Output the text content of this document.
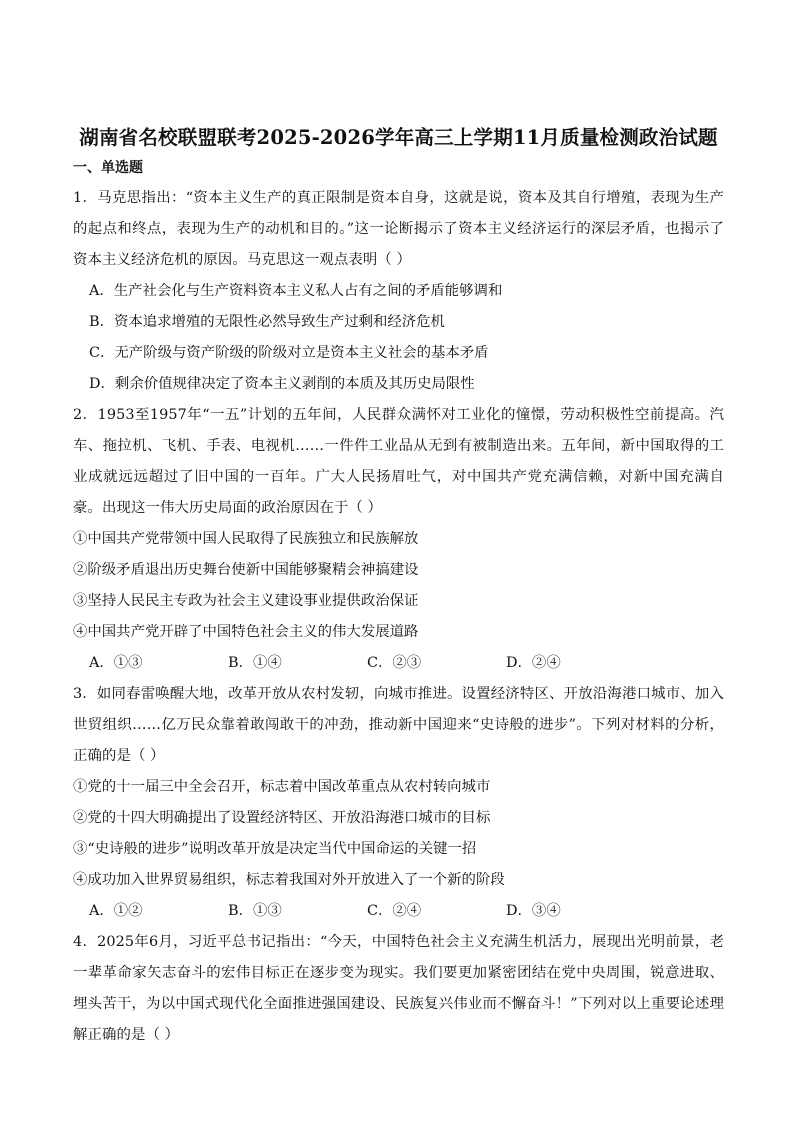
湖南省名校联盟联考2025-2026学年高三上学期11月质量检测政治试题
一、单选题

1．马克思指出：“资本主义生产的真正限制是资本自身，这就是说，资本及其自行增殖，表现为生产的起点和终点，表现为生产的动机和目的。”这一论断揭示了资本主义经济运行的深层矛盾，也揭示了资本主义经济危机的原因。马克思这一观点表明（ ）

A．生产社会化与生产资料资本主义私人占有之间的矛盾能够调和

B．资本追求增殖的无限性必然导致生产过剩和经济危机

C．无产阶级与资产阶级的阶级对立是资本主义社会的基本矛盾

D．剩余价值规律决定了资本主义剥削的本质及其历史局限性

2．1953至1957年“一五”计划的五年间，人民群众满怀对工业化的憧憬，劳动积极性空前提高。汽车、拖拉机、飞机、手表、电视机……一件件工业品从无到有被制造出来。五年间，新中国取得的工业成就远远超过了旧中国的一百年。广大人民扬眉吐气，对中国共产党充满信赖，对新中国充满自豪。出现这一伟大历史局面的政治原因在于（ ）

①中国共产党带领中国人民取得了民族独立和民族解放

②阶级矛盾退出历史舞台使新中国能够聚精会神搞建设

③坚持人民民主专政为社会主义建设事业提供政治保证

④中国共产党开辟了中国特色社会主义的伟大发展道路

A．①③	B．①④	C．②③	D．②④

3．如同春雷唤醒大地，改革开放从农村发轫，向城市推进。设置经济特区、开放沿海港口城市、加入世贸组织……亿万民众靠着敢闯敢干的冲劲，推动新中国迎来“史诗般的进步”。下列对材料的分析，正确的是（ ）

①党的十一届三中全会召开，标志着中国改革重点从农村转向城市

②党的十四大明确提出了设置经济特区、开放沿海港口城市的目标

③“史诗般的进步”说明改革开放是决定当代中国命运的关键一招

④成功加入世界贸易组织，标志着我国对外开放进入了一个新的阶段

A．①②	B．①③	C．②④	D．③④

4．2025年6月，习近平总书记指出：“今天，中国特色社会主义充满生机活力，展现出光明前景，老一辈革命家矢志奋斗的宏伟目标正在逐步变为现实。我们要更加紧密团结在党中央周围，锐意进取、埋头苦干，为以中国式现代化全面推进强国建设、民族复兴伟业而不懈奋斗！”下列对以上重要论述理解正确的是（ ）
